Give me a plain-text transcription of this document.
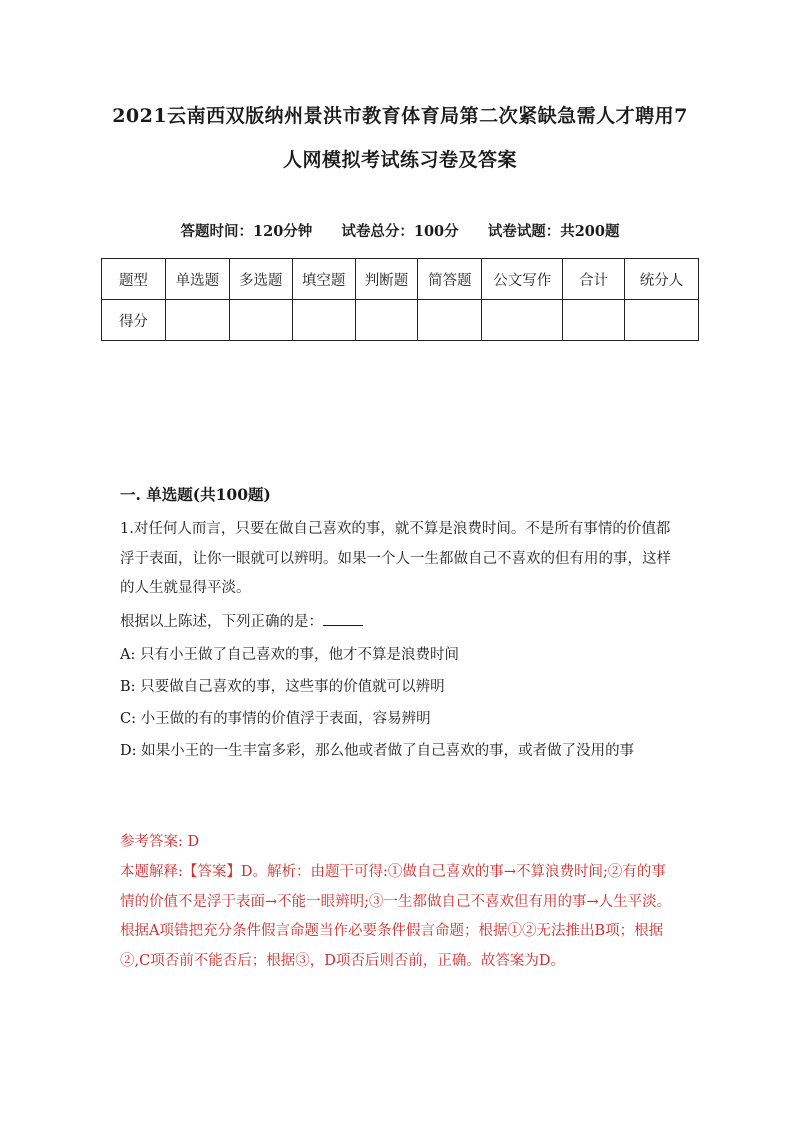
2021云南西双版纳州景洪市教育体育局第二次紧缺急需人才聘用7
人网模拟考试练习卷及答案
答题时间：120分钟 试卷总分：100分 试卷试题：共200题
题型	单选题	多选题	填空题	判断题	简答题	公文写作	合计	统分人
得分								
一. 单选题(共100题)
1.对任何人而言，只要在做自己喜欢的事，就不算是浪费时间。不是所有事情的价值都浮于表面，让你一眼就可以辨明。如果一个人一生都做自己不喜欢的但有用的事，这样的人生就显得平淡。
根据以上陈述，下列正确的是：
A: 只有小王做了自己喜欢的事，他才不算是浪费时间
B: 只要做自己喜欢的事，这些事的价值就可以辨明
C: 小王做的有的事情的价值浮于表面，容易辨明
D: 如果小王的一生丰富多彩，那么他或者做了自己喜欢的事，或者做了没用的事
参考答案: D
本题解释:【答案】D。解析：由题干可得:①做自己喜欢的事→不算浪费时间;②有的事情的价值不是浮于表面→不能一眼辨明;③一生都做自己不喜欢但有用的事→人生平淡。根据A项错把充分条件假言命题当作必要条件假言命题；根据①②无法推出B项；根据②,C项否前不能否后；根据③，D项否后则否前，正确。故答案为D。
